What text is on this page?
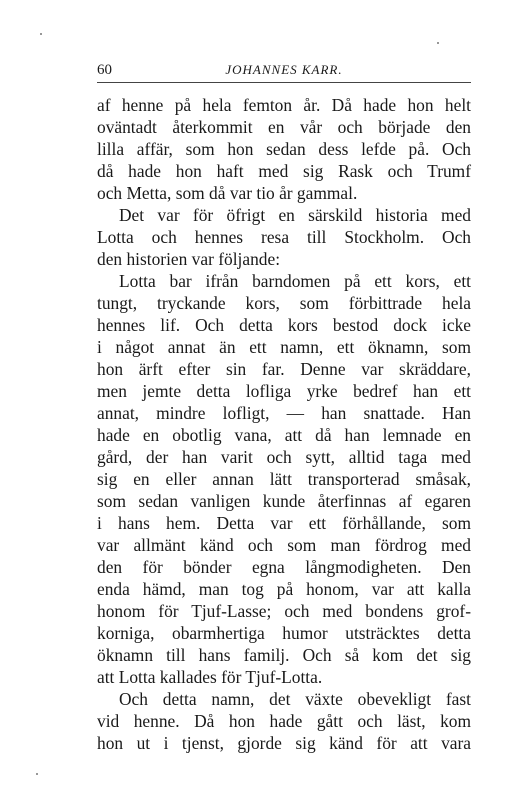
60	JOHANNES KARR.
af henne på hela femton år. Då hade hon helt
oväntadt återkommit en vår och började den
lilla affär, som hon sedan dess lefde på. Och
då hade hon haft med sig Rask och Trumf
och Metta, som då var tio år gammal.
Det var för öfrigt en särskild historia med
Lotta och hennes resa till Stockholm. Och
den historien var följande:
Lotta bar ifrån barndomen på ett kors, ett
tungt, tryckande kors, som förbittrade hela
hennes lif. Och detta kors bestod dock icke
i något annat än ett namn, ett öknamn, som
hon ärft efter sin far. Denne var skräddare,
men jemte detta lofliga yrke bedref han ett
annat, mindre lofligt, — han snattade. Han
hade en obotlig vana, att då han lemnade en
gård, der han varit och sytt, alltid taga med
sig en eller annan lätt transporterad småsak,
som sedan vanligen kunde återfinnas af egaren
i hans hem. Detta var ett förhållande, som
var allmänt känd och som man fördrog med
den för bönder egna långmodigheten. Den
enda hämd, man tog på honom, var att kalla
honom för Tjuf-Lasse; och med bondens grof-
korniga, obarmhertiga humor utsträcktes detta
öknamn till hans familj. Och så kom det sig
att Lotta kallades för Tjuf-Lotta.
Och detta namn, det växte obevekligt fast
vid henne. Då hon hade gått och läst, kom
hon ut i tjenst, gjorde sig känd för att vara
